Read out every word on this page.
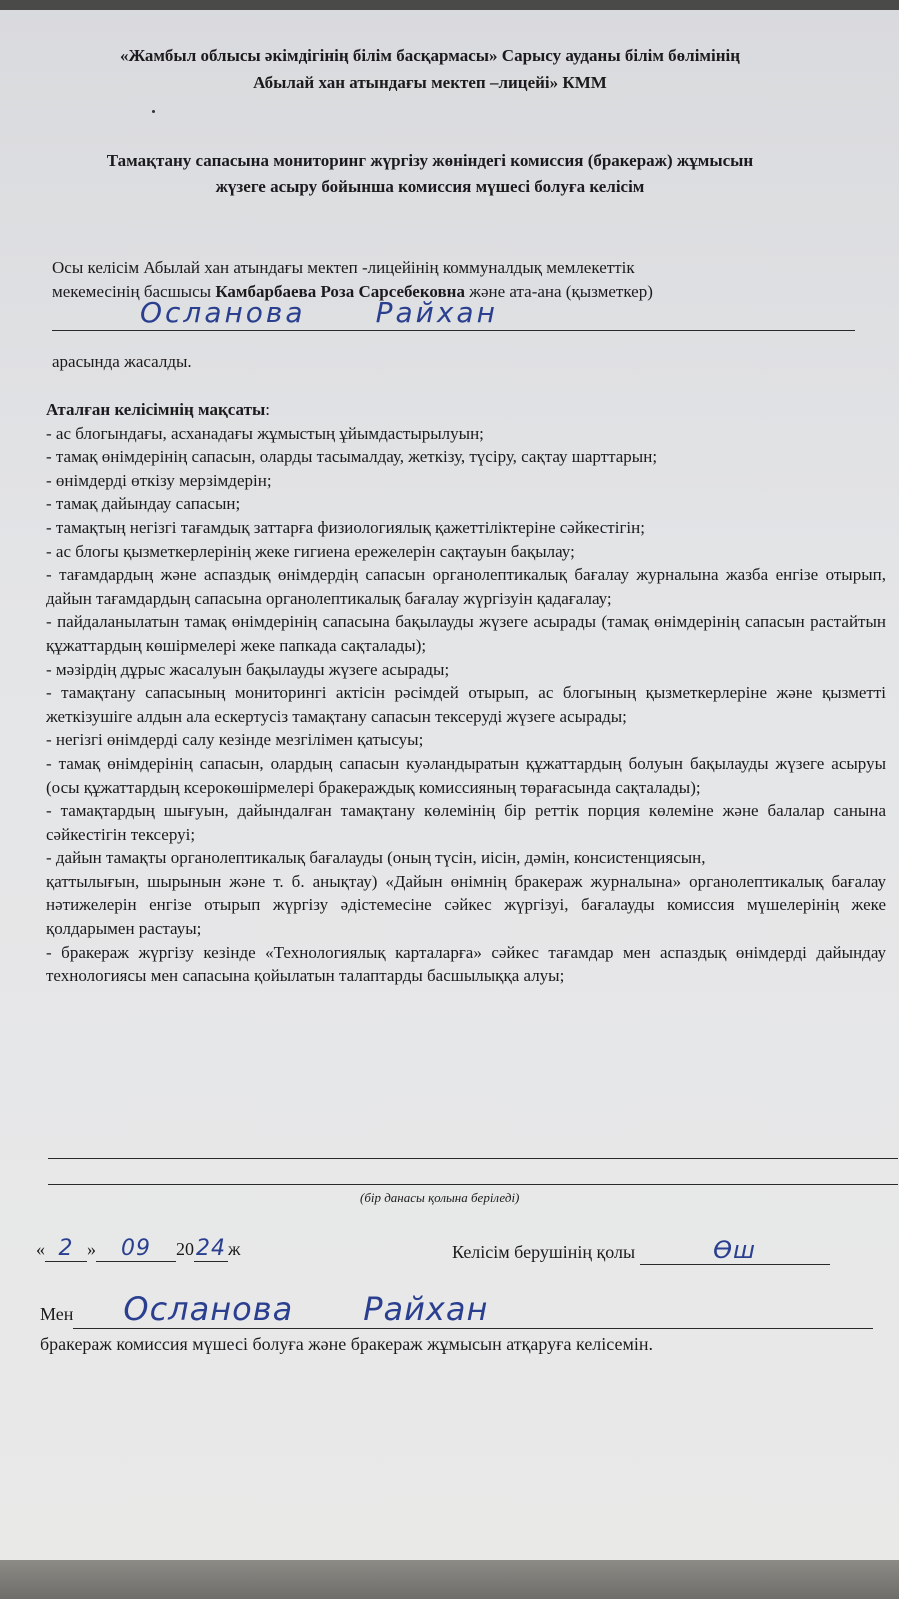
«Жамбыл облысы әкімдігінің білім басқармасы» Сарысу ауданы білім бөлімінің
Абылай хан атындағы мектеп –лицейі» КММ
Тамақтану сапасына мониторинг жүргізу жөніндегі комиссия (бракераж) жұмысын
жүзеге асыру бойынша комиссия мүшесі болуға келісім
Осы келісім Абылай хан атындағы мектеп -лицейінің коммуналдық мемлекеттік
мекемесінің басшысы Камбарбаева Роза Сарсебековна және ата-ана (қызметкер)
Осланова	Райхан
арасында жасалды.

Аталған келісімнің мақсаты:

- ас блогындағы, асханадағы жұмыстың ұйымдастырылуын;

- тамақ өнімдерінің сапасын, оларды тасымалдау, жеткізу, түсіру, сақтау шарттарын;

- өнімдерді өткізу мерзімдерін;

- тамақ дайындау сапасын;

- тамақтың негізгі тағамдық заттарға физиологиялық қажеттіліктеріне сәйкестігін;

- ас блогы қызметкерлерінің жеке гигиена ережелерін сақтауын бақылау;

- тағамдардың және аспаздық өнімдердің сапасын органолептикалық бағалау журналына жазба енгізе отырып, дайын тағамдардың сапасына органолептикалық бағалау жүргізуін қадағалау;

- пайдаланылатын тамақ өнімдерінің сапасына бақылауды жүзеге асырады (тамақ өнімдерінің сапасын растайтын құжаттардың көшірмелері жеке папкада сақталады);

- мәзірдің дұрыс жасалуын бақылауды жүзеге асырады;

- тамақтану сапасының мониторингі актісін рәсімдей отырып, ас блогының қызметкерлеріне және қызметті жеткізушіге алдын ала ескертусіз тамақтану сапасын тексеруді жүзеге асырады;

- негізгі өнімдерді салу кезінде мезгілімен қатысуы;

- тамақ өнімдерінің сапасын, олардың сапасын куәландыратын құжаттардың болуын бақылауды жүзеге асыруы (осы құжаттардың ксерокөшірмелері бракераждық комиссияның төрағасында сақталады);

- тамақтардың шығуын, дайындалған тамақтану көлемінің бір реттік порция көлеміне және балалар санына сәйкестігін тексеруі;

- дайын тамақты органолептикалық бағалауды (оның түсін, иісін, дәмін, консистенциясын,

қаттылығын, шырынын және т. б. анықтау) «Дайын өнімнің бракераж журналына» органолептикалық бағалау нәтижелерін енгізе отырып жүргізу әдістемесіне сәйкес жүргізуі, бағалауды комиссия мүшелерінің жеке қолдарымен растауы;

- бракераж жүргізу кезінде «Технологиялық карталарға» сәйкес тағамдар мен аспаздық өнімдерді дайындау технологиясы мен сапасына қойылатын талаптарды басшылыққа алуы;

(бір данасы қолына беріледі)
« 2 » 09 2024 ж	Келісім берушінің қолы	Ѳш
Мен Осланова Райхан
бракераж комиссия мүшесі болуға және бракераж жұмысын атқаруға келісемін.
